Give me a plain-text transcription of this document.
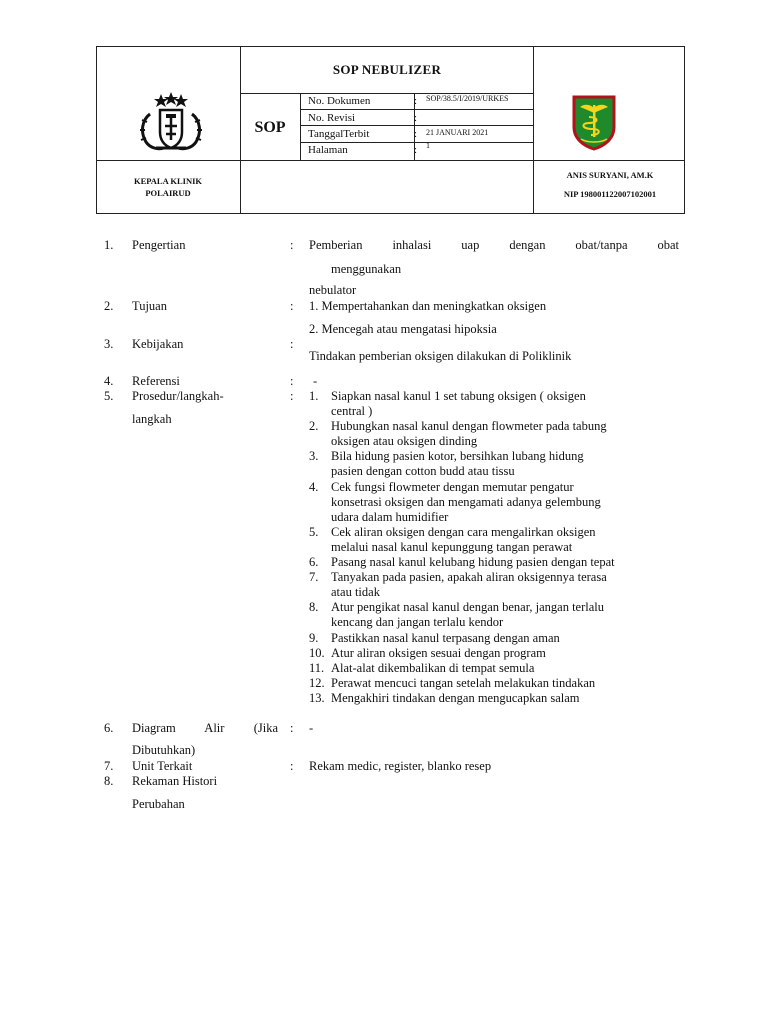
SOP NEBULIZER
SOP
No. Dokumen	: SOP/38.5/I/2019/URKES
No. Revisi	:
TanggalTerbit	: 21 JANUARI 2021
Halaman	: 1
KEPALA KLINIK
POLAIRUD
ANIS SURYANI, AM.K
NIP 198001122007102001
1. Pengertian	: Pemberian inhalasi uap dengan obat/tanpa obat
menggunakan
nebulator
2. Tujuan	: 1. Mempertahankan dan meningkatkan oksigen
2. Mencegah atau mengatasi hipoksia
3. Kebijakan	:
Tindakan pemberian oksigen dilakukan di Poliklinik
4. Referensi	: -
5. Prosedur/langkah-
langkah
: 1. Siapkan nasal kanul 1 set tabung oksigen ( oksigen
central )
2. Hubungkan nasal kanul dengan flowmeter pada tabung
oksigen atau oksigen dinding
3. Bila hidung pasien kotor, bersihkan lubang hidung
pasien dengan cotton budd atau tissu
4. Cek fungsi flowmeter dengan memutar pengatur
konsetrasi oksigen dan mengamati adanya gelembung
udara dalam humidifier
5. Cek aliran oksigen dengan cara mengalirkan oksigen
melalui nasal kanul kepunggung tangan perawat
6. Pasang nasal kanul kelubang hidung pasien dengan tepat
7. Tanyakan pada pasien, apakah aliran oksigennya terasa
atau tidak
8. Atur pengikat nasal kanul dengan benar, jangan terlalu
kencang dan jangan terlalu kendor
9. Pastikkan nasal kanul terpasang dengan aman
10. Atur aliran oksigen sesuai dengan program
11. Alat-alat dikembalikan di tempat semula
12. Perawat mencuci tangan setelah melakukan tindakan
13. Mengakhiri tindakan dengan mengucapkan salam
6. Diagram Alir (Jika
Dibutuhkan)
: -
7. Unit Terkait	: Rekam medic, register, blanko resep
8. Rekaman Histori
Perubahan
